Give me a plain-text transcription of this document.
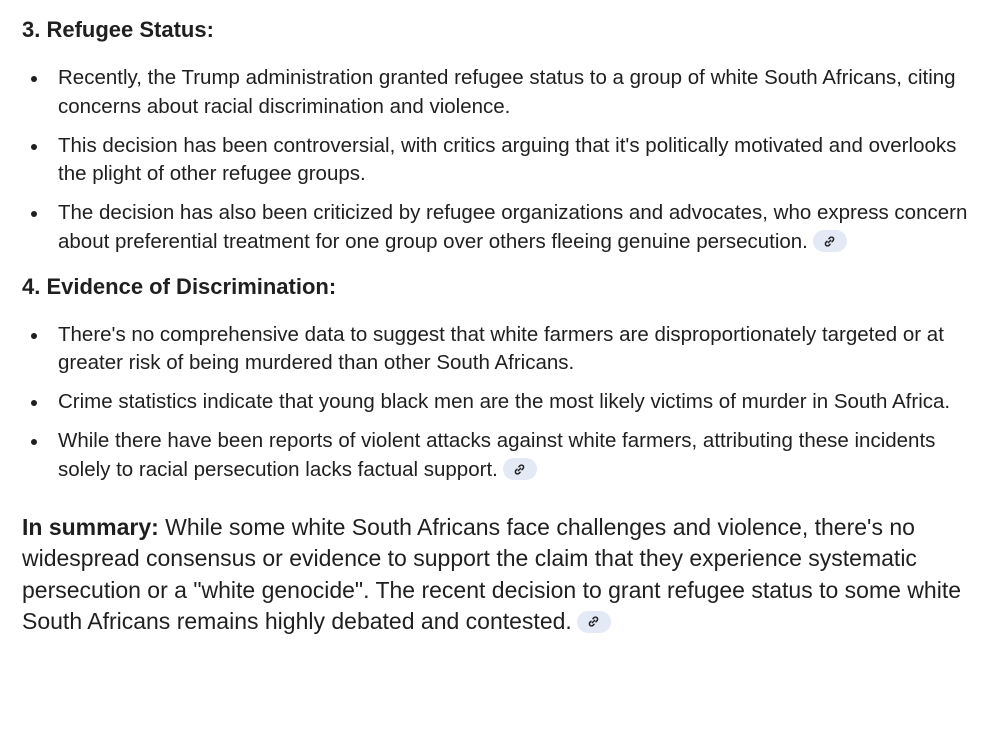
3. Refugee Status:
Recently, the Trump administration granted refugee status to a group of white South Africans, citing concerns about racial discrimination and violence.
This decision has been controversial, with critics arguing that it's politically motivated and overlooks the plight of other refugee groups.
The decision has also been criticized by refugee organizations and advocates, who express concern about preferential treatment for one group over others fleeing genuine persecution.
4. Evidence of Discrimination:
There's no comprehensive data to suggest that white farmers are disproportionately targeted or at greater risk of being murdered than other South Africans.
Crime statistics indicate that young black men are the most likely victims of murder in South Africa.
While there have been reports of violent attacks against white farmers, attributing these incidents solely to racial persecution lacks factual support.

In summary: While some white South Africans face challenges and violence, there's no widespread consensus or evidence to support the claim that they experience systematic persecution or a "white genocide". The recent decision to grant refugee status to some white South Africans remains highly debated and contested.
